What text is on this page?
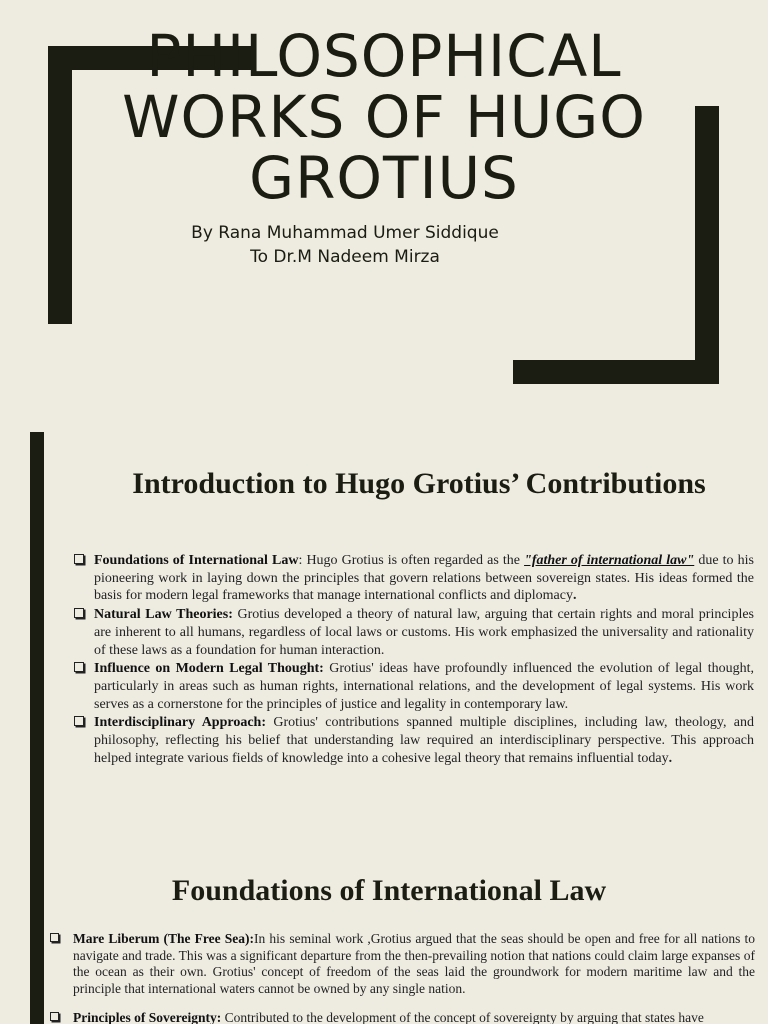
PHILOSOPHICAL WORKS OF HUGO GROTIUS
By Rana Muhammad Umer Siddique
To Dr.M Nadeem Mirza
Introduction to Hugo Grotius’ Contributions
Foundations of International Law: Hugo Grotius is often regarded as the "father of international law" due to his pioneering work in laying down the principles that govern relations between sovereign states. His ideas formed the basis for modern legal frameworks that manage international conflicts and diplomacy.
Natural Law Theories: Grotius developed a theory of natural law, arguing that certain rights and moral principles are inherent to all humans, regardless of local laws or customs. His work emphasized the universality and rationality of these laws as a foundation for human interaction.
Influence on Modern Legal Thought: Grotius' ideas have profoundly influenced the evolution of legal thought, particularly in areas such as human rights, international relations, and the development of legal systems. His work serves as a cornerstone for the principles of justice and legality in contemporary law.
Interdisciplinary Approach: Grotius' contributions spanned multiple disciplines, including law, theology, and philosophy, reflecting his belief that understanding law required an interdisciplinary perspective. This approach helped integrate various fields of knowledge into a cohesive legal theory that remains influential today.
Foundations of International Law
Mare Liberum (The Free Sea):In his seminal work ,Grotius argued that the seas should be open and free for all nations to navigate and trade. This was a significant departure from the then-prevailing notion that nations could claim large expanses of the ocean as their own. Grotius' concept of freedom of the seas laid the groundwork for modern maritime law and the principle that international waters cannot be owned by any single nation.
Principles of Sovereignty: Contributed to the development of the concept of sovereignty by arguing that states have
